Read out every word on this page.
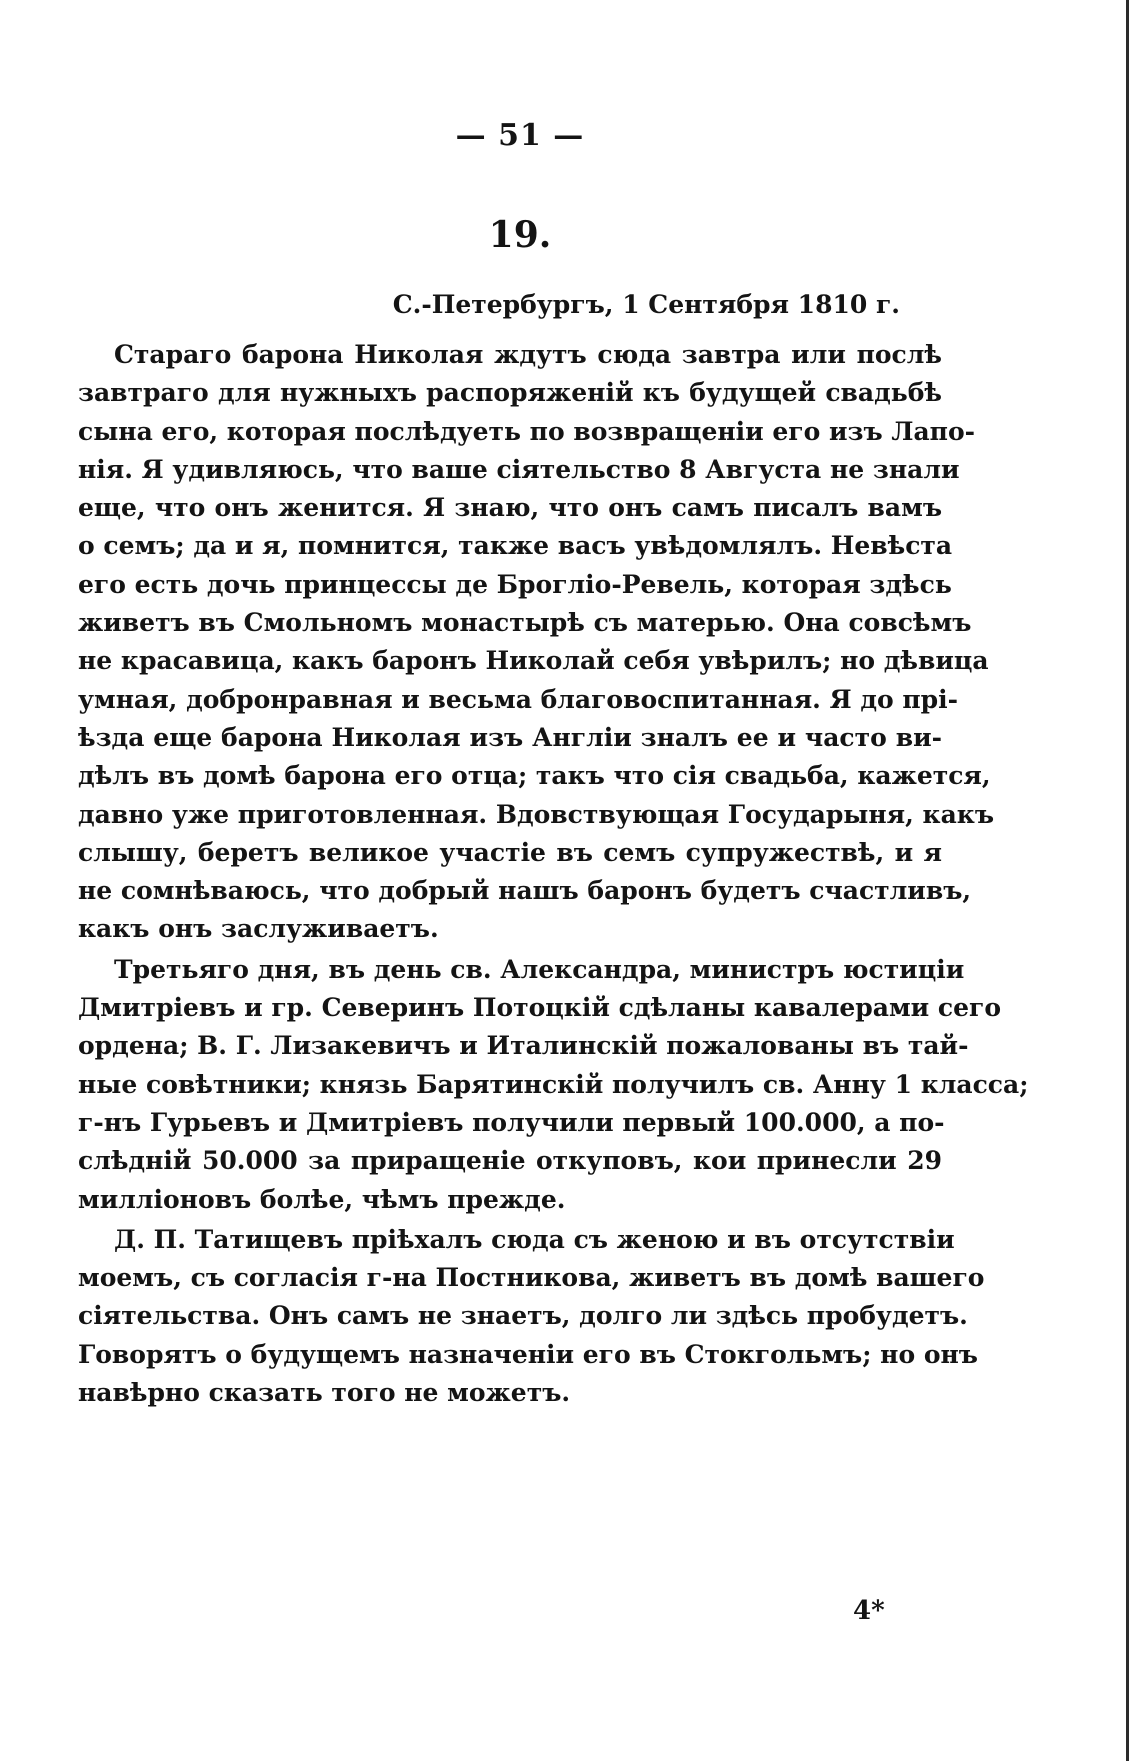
— 51 —
19.
С.-Петербургъ, 1 Сентября 1810 г.
Стараго барона Николая ждутъ сюда завтра или послѣ
завтраго для нужныхъ распоряженій къ будущей свадьбѣ
сына его, которая послѣдуеть по возвращеніи его изъ Лапо-
нія. Я удивляюсь, что ваше сіятельство 8 Августа не знали
еще, что онъ женится. Я знаю, что онъ самъ писалъ вамъ
о семъ; да и я, помнится, также васъ увѣдомлялъ. Невѣста
его есть дочь принцессы де Брогліо-Ревель, которая здѣсь
живетъ въ Смольномъ монастырѣ съ матерью. Она совсѣмъ
не красавица, какъ баронъ Николай себя увѣрилъ; но дѣвица
умная, добронравная и весьма благовоспитанная. Я до прі-
ѣзда еще барона Николая изъ Англіи зналъ ее и часто ви-
дѣлъ въ домѣ барона его отца; такъ что сія свадьба, кажется,
давно уже приготовленная. Вдовствующая Государыня, какъ
слышу, беретъ великое участіе въ семъ супружествѣ, и я
не сомнѣваюсь, что добрый нашъ баронъ будетъ счастливъ,
какъ онъ заслуживаетъ.
Третьяго дня, въ день св. Александра, министръ юстиціи
Дмитріевъ и гр. Северинъ Потоцкій сдѣланы кавалерами сего
ордена; В. Г. Лизакевичъ и Италинскій пожалованы въ тай-
ные совѣтники; князь Барятинскій получилъ св. Анну 1 класса;
г-нъ Гурьевъ и Дмитріевъ получили первый 100.000, а по-
слѣдній 50.000 за приращеніе откуповъ, кои принесли 29
милліоновъ болѣе, чѣмъ прежде.
Д. П. Татищевъ пріѣхалъ сюда съ женою и въ отсутствіи
моемъ, съ согласія г-на Постникова, живетъ въ домѣ вашего
сіятельства. Онъ самъ не знаетъ, долго ли здѣсь пробудетъ.
Говорятъ о будущемъ назначеніи его въ Стокгольмъ; но онъ
навѣрно сказать того не можетъ.
4*
